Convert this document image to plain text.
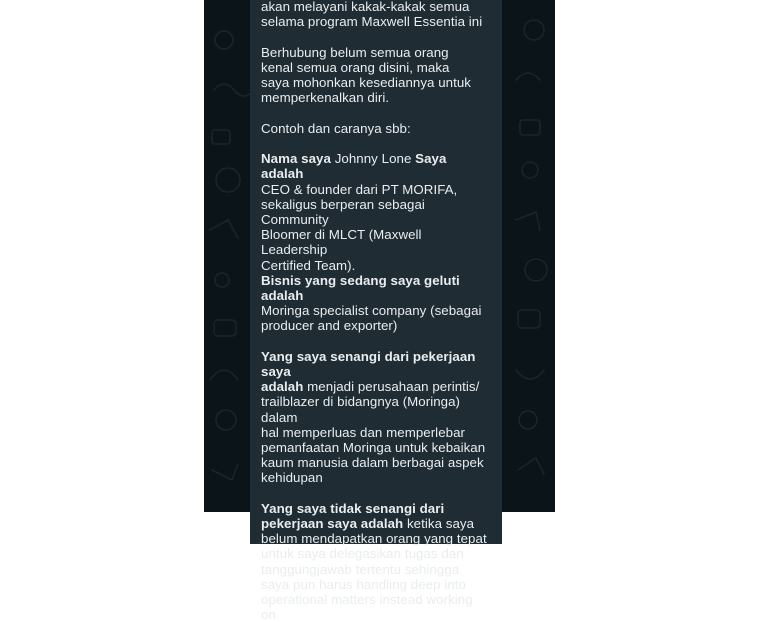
akan melayani kakak-kakak semua
selama program Maxwell Essentia ini

Berhubung belum semua orang
kenal semua orang disini, maka
saya mohonkan kesediannya untuk
memperkenalkan diri.

Contoh dan caranya sbb:

Nama saya Johnny Lone Saya adalah
CEO & founder dari PT MORIFA,
sekaligus berperan sebagai Community
Bloomer di MLCT (Maxwell Leadership
Certified Team).

Bisnis yang sedang saya geluti adalah
Moringa specialist company (sebagai
producer and exporter)

Yang saya senangi dari pekerjaan saya
adalah menjadi perusahaan perintis/
trailblazer di bidangnya (Moringa) dalam
hal memperluas dan memperlebar
pemanfaatan Moringa untuk kebaikan
kaum manusia dalam berbagai aspek
kehidupan

Yang saya tidak senangi dari
pekerjaan saya adalah ketika saya
belum mendapatkan orang yang tepat
untuk saya delegasikan tugas dan
tanggungjawab tertentu sehingga
saya pun harus handling deep into
operational matters instead working on
